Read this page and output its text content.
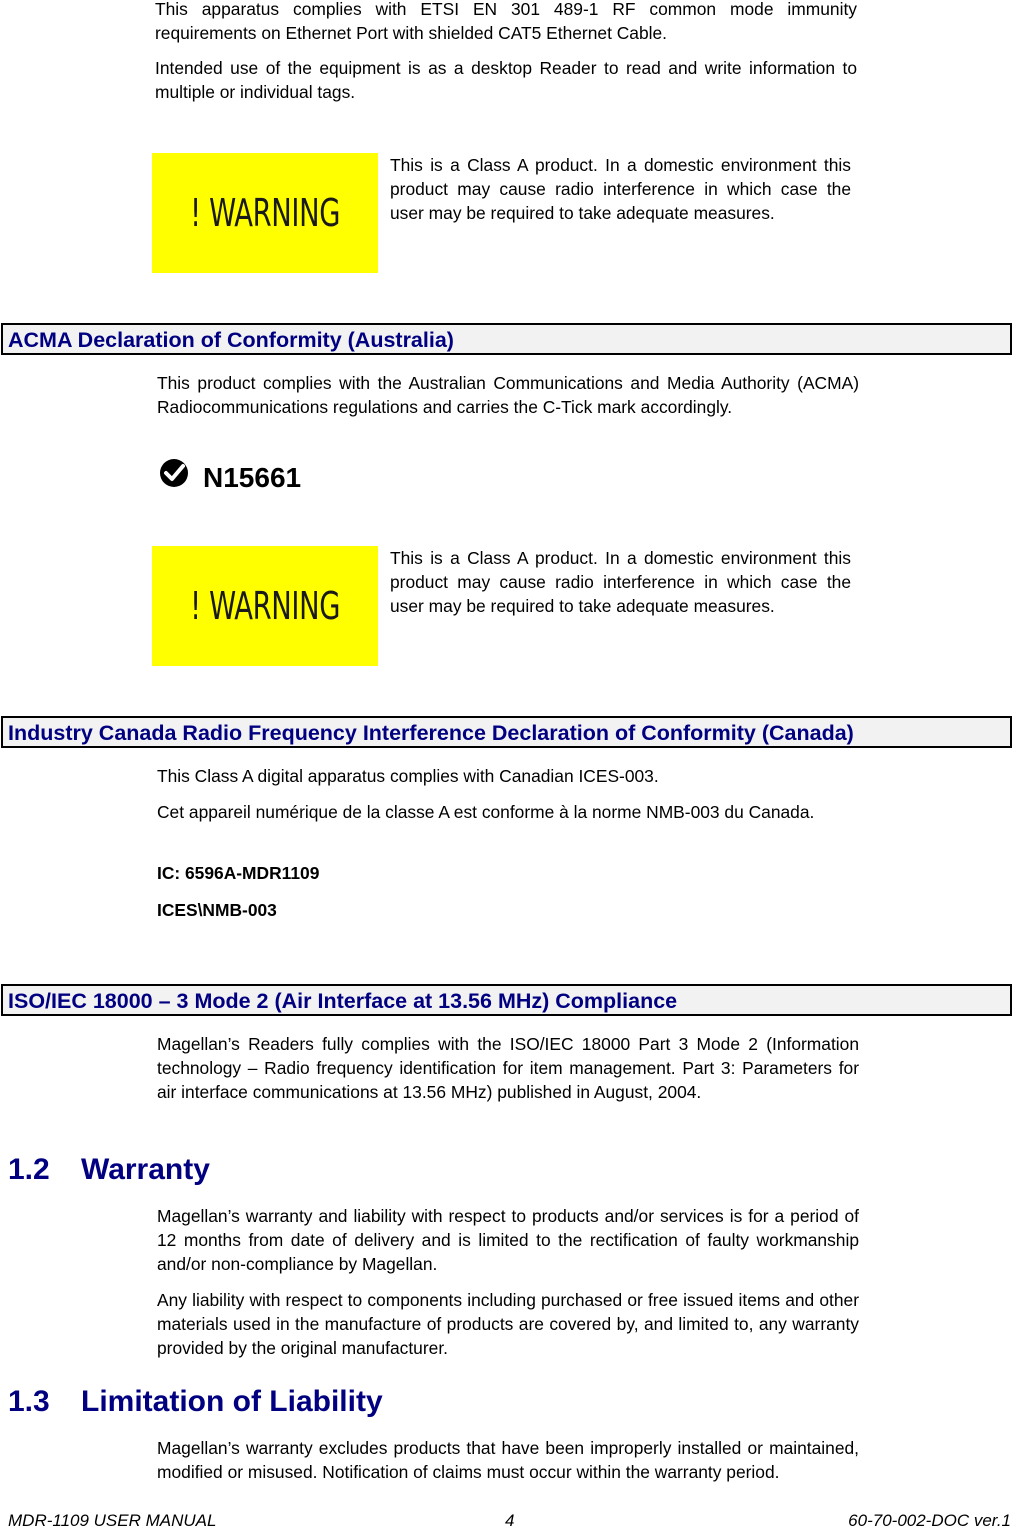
This apparatus complies with ETSI EN 301 489-1 RF common mode immunity requirements on Ethernet Port with shielded CAT5 Ethernet Cable.

Intended use of the equipment is as a desktop Reader to read and write information to multiple or individual tags.

! WARNING

This is a Class A product. In a domestic environment this product may cause radio interference in which case the user may be required to take adequate measures.

ACMA Declaration of Conformity (Australia)

This product complies with the Australian Communications and Media Authority (ACMA) Radiocommunications regulations and carries the C-Tick mark accordingly.

N15661
! WARNING

This is a Class A product. In a domestic environment this product may cause radio interference in which case the user may be required to take adequate measures.

Industry Canada Radio Frequency Interference Declaration of Conformity (Canada)

This Class A digital apparatus complies with Canadian ICES-003.

Cet appareil numérique de la classe A est conforme à la norme NMB-003 du Canada.

IC: 6596A-MDR1109

ICES\NMB-003

ISO/IEC 18000 – 3 Mode 2 (Air Interface at 13.56 MHz) Compliance

Magellan’s Readers fully complies with the ISO/IEC 18000 Part 3 Mode 2 (Information technology – Radio frequency identification for item management. Part 3: Parameters for air interface communications at 13.56 MHz) published in August, 2004.

1.2 Warranty

Magellan’s warranty and liability with respect to products and/or services is for a period of 12 months from date of delivery and is limited to the rectification of faulty workmanship and/or non-compliance by Magellan.

Any liability with respect to components including purchased or free issued items and other materials used in the manufacture of products are covered by, and limited to, any warranty provided by the original manufacturer.

1.3 Limitation of Liability

Magellan’s warranty excludes products that have been improperly installed or maintained, modified or misused. Notification of claims must occur within the warranty period.

MDR-1109 USER MANUAL	4	60-70-002-DOC ver.1
